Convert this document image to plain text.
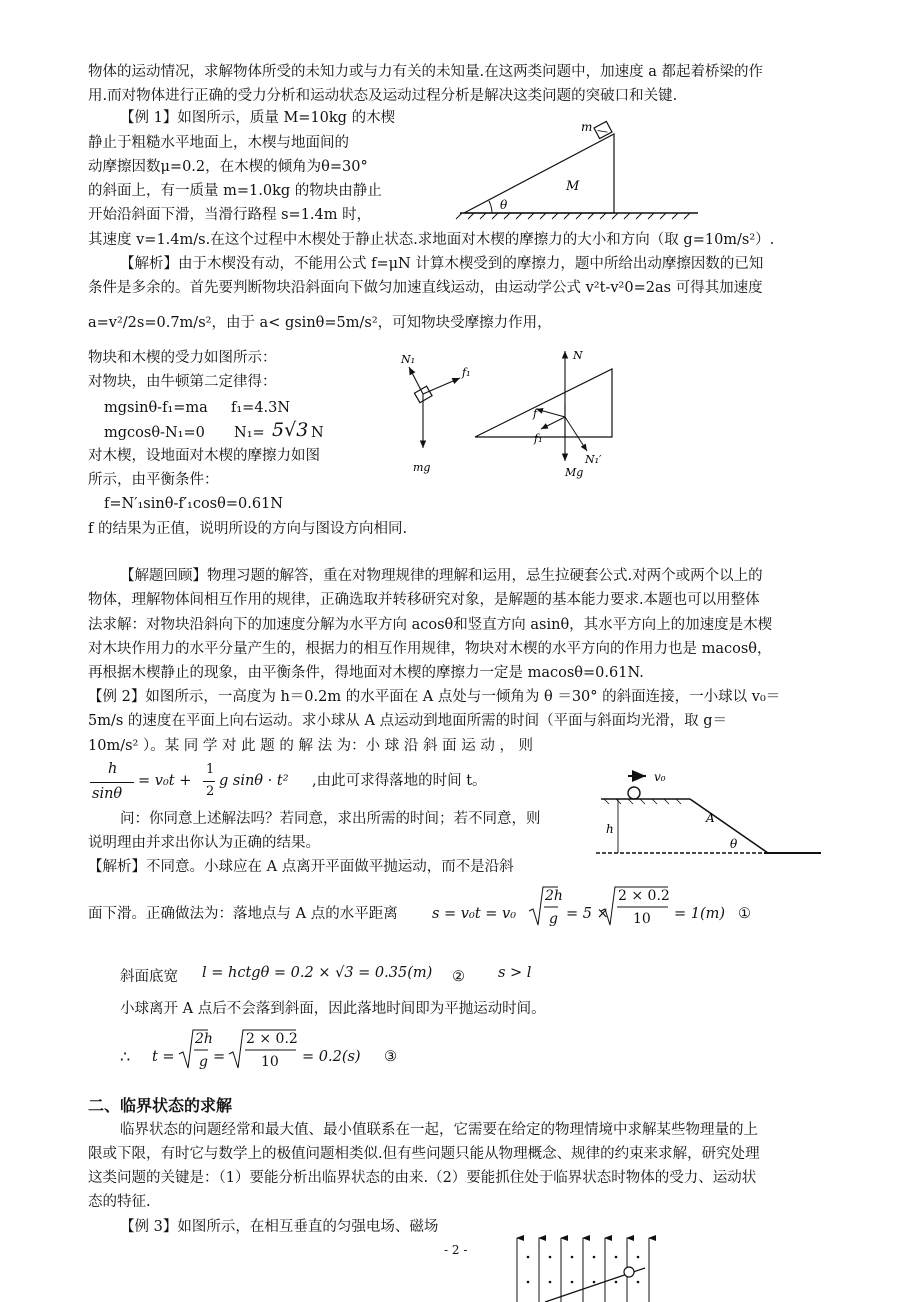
物体的运动情况，求解物体所受的未知力或与力有关的未知量.在这两类问题中，加速度 a 都起着桥梁的作
用.而对物体进行正确的受力分析和运动状态及运动过程分析是解决这类问题的突破口和关键.
【例 1】如图所示，质量 M=10kg 的木楔
静止于粗糙水平地面上，木楔与地面间的
动摩擦因数μ=0.2，在木楔的倾角为θ=30°
的斜面上，有一质量 m=1.0kg 的物块由静止
开始沿斜面下滑，当滑行路程 s=1.4m 时，
其速度 v=1.4m/s.在这个过程中木楔处于静止状态.求地面对木楔的摩擦力的大小和方向（取 g=10m/s²）.
m
M
θ
【解析】由于木楔没有动，不能用公式 f=μN 计算木楔受到的摩擦力，题中所给出动摩擦因数的已知
条件是多余的。首先要判断物块沿斜面向下做匀加速直线运动，由运动学公式 v²t-v²0=2as 可得其加速度
a=v²/2s=0.7m/s²，由于 a< gsinθ=5m/s²，可知物块受摩擦力作用，
物块和木楔的受力如图所示：
对物块，由牛顿第二定律得：
mgsinθ-f₁=ma f₁=4.3N
mgcosθ-N₁=0 N₁= 5√3 N
对木楔，设地面对木楔的摩擦力如图
所示，由平衡条件：
f=N′₁sinθ-f′₁cosθ=0.61N
f 的结果为正值，说明所设的方向与图设方向相同.
N₁
f₁
mg
N
f
f₁
N₁′
Mg
【解题回顾】物理习题的解答，重在对物理规律的理解和运用，忌生拉硬套公式.对两个或两个以上的
物体，理解物体间相互作用的规律，正确选取并转移研究对象，是解题的基本能力要求.本题也可以用整体
法求解：对物块沿斜向下的加速度分解为水平方向 acosθ和竖直方向 asinθ，其水平方向上的加速度是木楔
对木块作用力的水平分量产生的，根据力的相互作用规律，物块对木楔的水平方向的作用力也是 macosθ，
再根据木楔静止的现象，由平衡条件，得地面对木楔的摩擦力一定是 macosθ=0.61N.
【例 2】如图所示，一高度为 h＝0.2m 的水平面在 A 点处与一倾角为 θ ＝30° 的斜面连接，一小球以 v₀＝
5m/s 的速度在平面上向右运动。求小球从 A 点运动到地面所需的时间（平面与斜面均光滑，取 g＝
10m/s² ）。某 同 学 对 此 题 的 解 法 为：小 球 沿 斜 面 运 动 ， 则
h
sinθ
= v₀t +
1
2
g sinθ · t² ,由此可求得落地的时间 t。
问：你同意上述解法吗？若同意，求出所需的时间；若不同意，则
说明理由并求出你认为正确的结果。
v₀
h
A
θ
【解析】不同意。小球应在 A 点离开平面做平抛运动，而不是沿斜
面下滑。正确做法为：落地点与 A 点的水平距离 s = v₀t = v₀
2h
g = 5 ×
2 × 0.2
10 = 1(m) ①
斜面底宽 l = hctgθ = 0.2 × √3 = 0.35(m) ② s > l
小球离开 A 点后不会落到斜面，因此落地时间即为平抛运动时间。
∴ t =
2h
g =
2 × 0.2
10 = 0.2(s) ③
二、临界状态的求解
临界状态的问题经常和最大值、最小值联系在一起，它需要在给定的物理情境中求解某些物理量的上
限或下限，有时它与数学上的极值问题相类似.但有些问题只能从物理概念、规律的约束来求解，研究处理
这类问题的关键是：（1）要能分析出临界状态的由来.（2）要能抓住处于临界状态时物体的受力、运动状
态的特征.
【例 3】如图所示，在相互垂直的匀强电场、磁场
- 2 -
